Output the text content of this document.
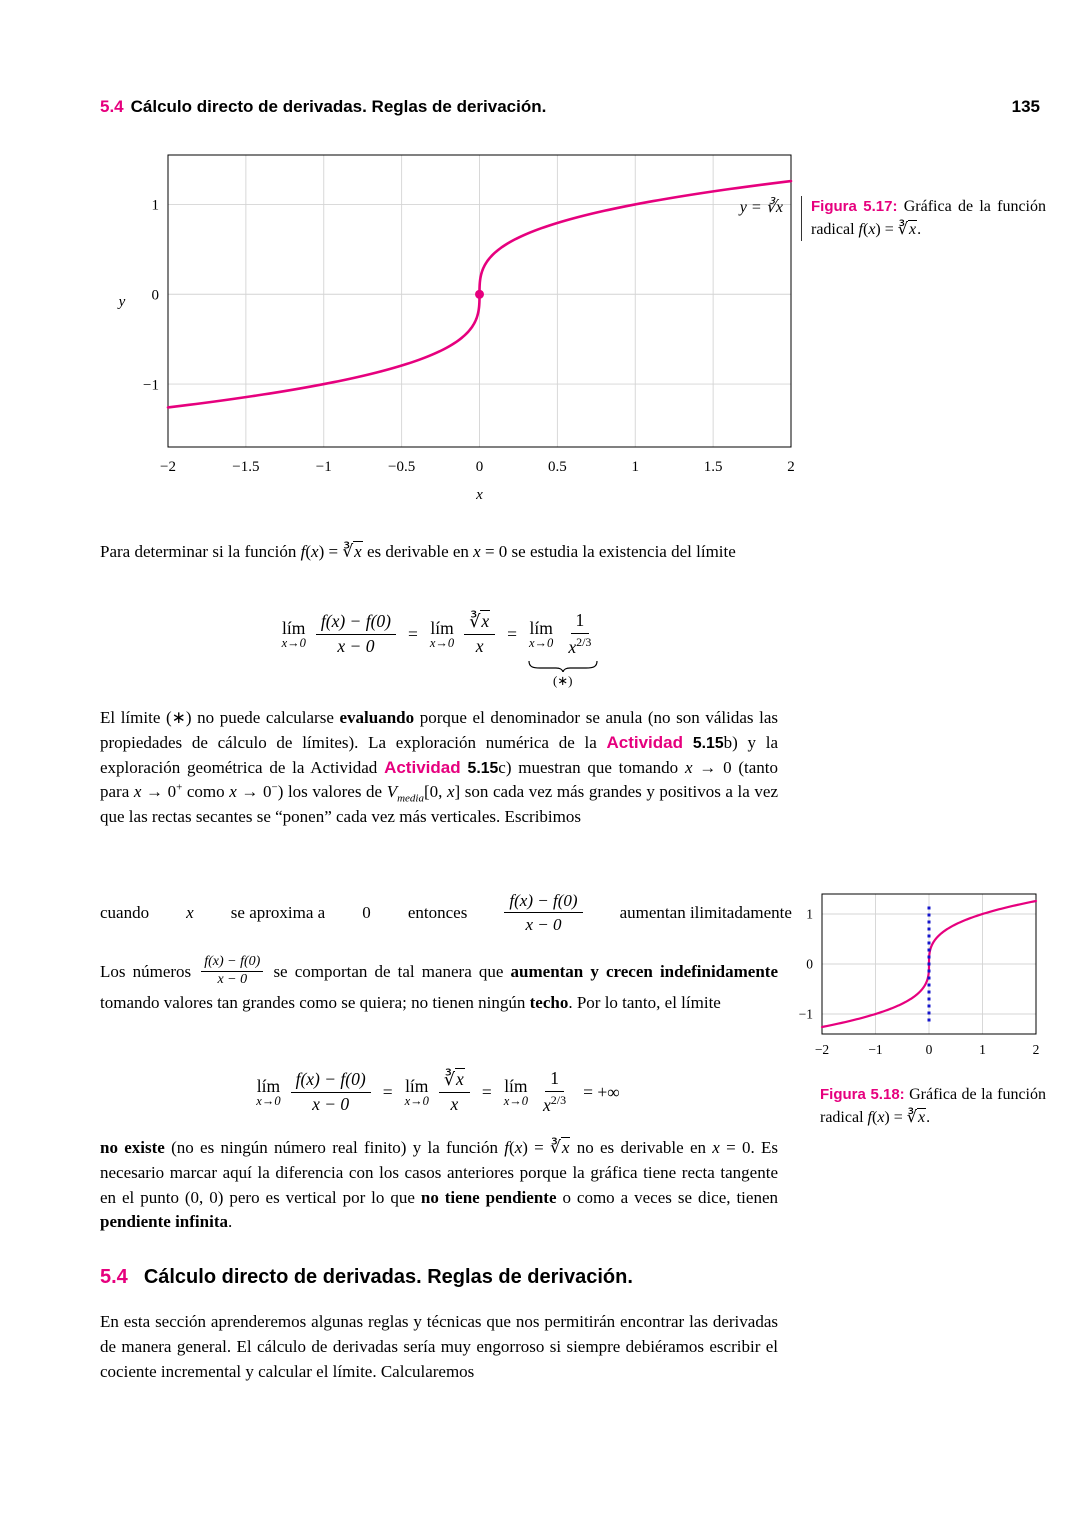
5.4 Cálculo directo de derivadas. Reglas de derivación.	135
−2	−1.5	−1	−0.5	0	0.5	1	1.5	2
−1
0
1	y = ∛x
x
y
Figura 5.17: Gráfica de la función radical f(x) = ∛x.

Para determinar si la función f(x) = ∛x es derivable en x = 0 se estudia la existencia del límite

lím
$x\to 0 \frac{f(x) - f(0)}{x - 0}$ = lím
$x\to 0 \frac{∛x}{x}$ = lím
x→0
1
$x^{2/3}$
(∗)

El límite (∗) no puede calcularse evaluando porque el denominador se anula (no son válidas las propiedades de cálculo de límites). La exploración numérica de la Actividad 5.15b) y la exploración geométrica de la Actividad Actividad 5.15c) muestran que tomando x → 0 (tanto para x → 0+ como x → 0−) los valores de $V_{media}[0$, x] son cada vez más grandes y positivos a la vez que las rectas secantes se “ponen” cada vez más verticales. Escribimos

cuando x se aproxima a 0 entonces
f(x) − f(0)
x − 0
aumentan ilimitadamente

Los números $\frac{f(x) - f(0)}{x - 0}$ se comportan de tal manera que aumentan y crecen indefinidamente tomando valores tan grandes como se quiera; no tienen ningún techo. Por lo tanto, el límite

lím
$x\to 0 \frac{f(x) - f(0)}{x - 0}$ = lím
$x\to 0 \frac{∛x}{x}$ = lím
$x\to 0 \frac{1}{x^{2/3}}$ = +∞

no existe (no es ningún número real finito) y la función f(x) = ∛x no es derivable en x = 0. Es necesario marcar aquí la diferencia con los casos anteriores porque la gráfica tiene recta tangente en el punto (0, 0) pero es vertical por lo que no tiene pendiente o como a veces se dice, tienen pendiente infinita.

5.4 Cálculo directo de derivadas. Reglas de derivación.

En esta sección aprenderemos algunas reglas y técnicas que nos permitirán encontrar las derivadas de manera general. El cálculo de derivadas sería muy engorroso si siempre debiéramos escribir el cociente incremental y calcular el límite. Calcularemos

−2	−1	0	1	2
−1
0
1
Figura 5.18: Gráfica de la función radical f(x) = ∛x.
